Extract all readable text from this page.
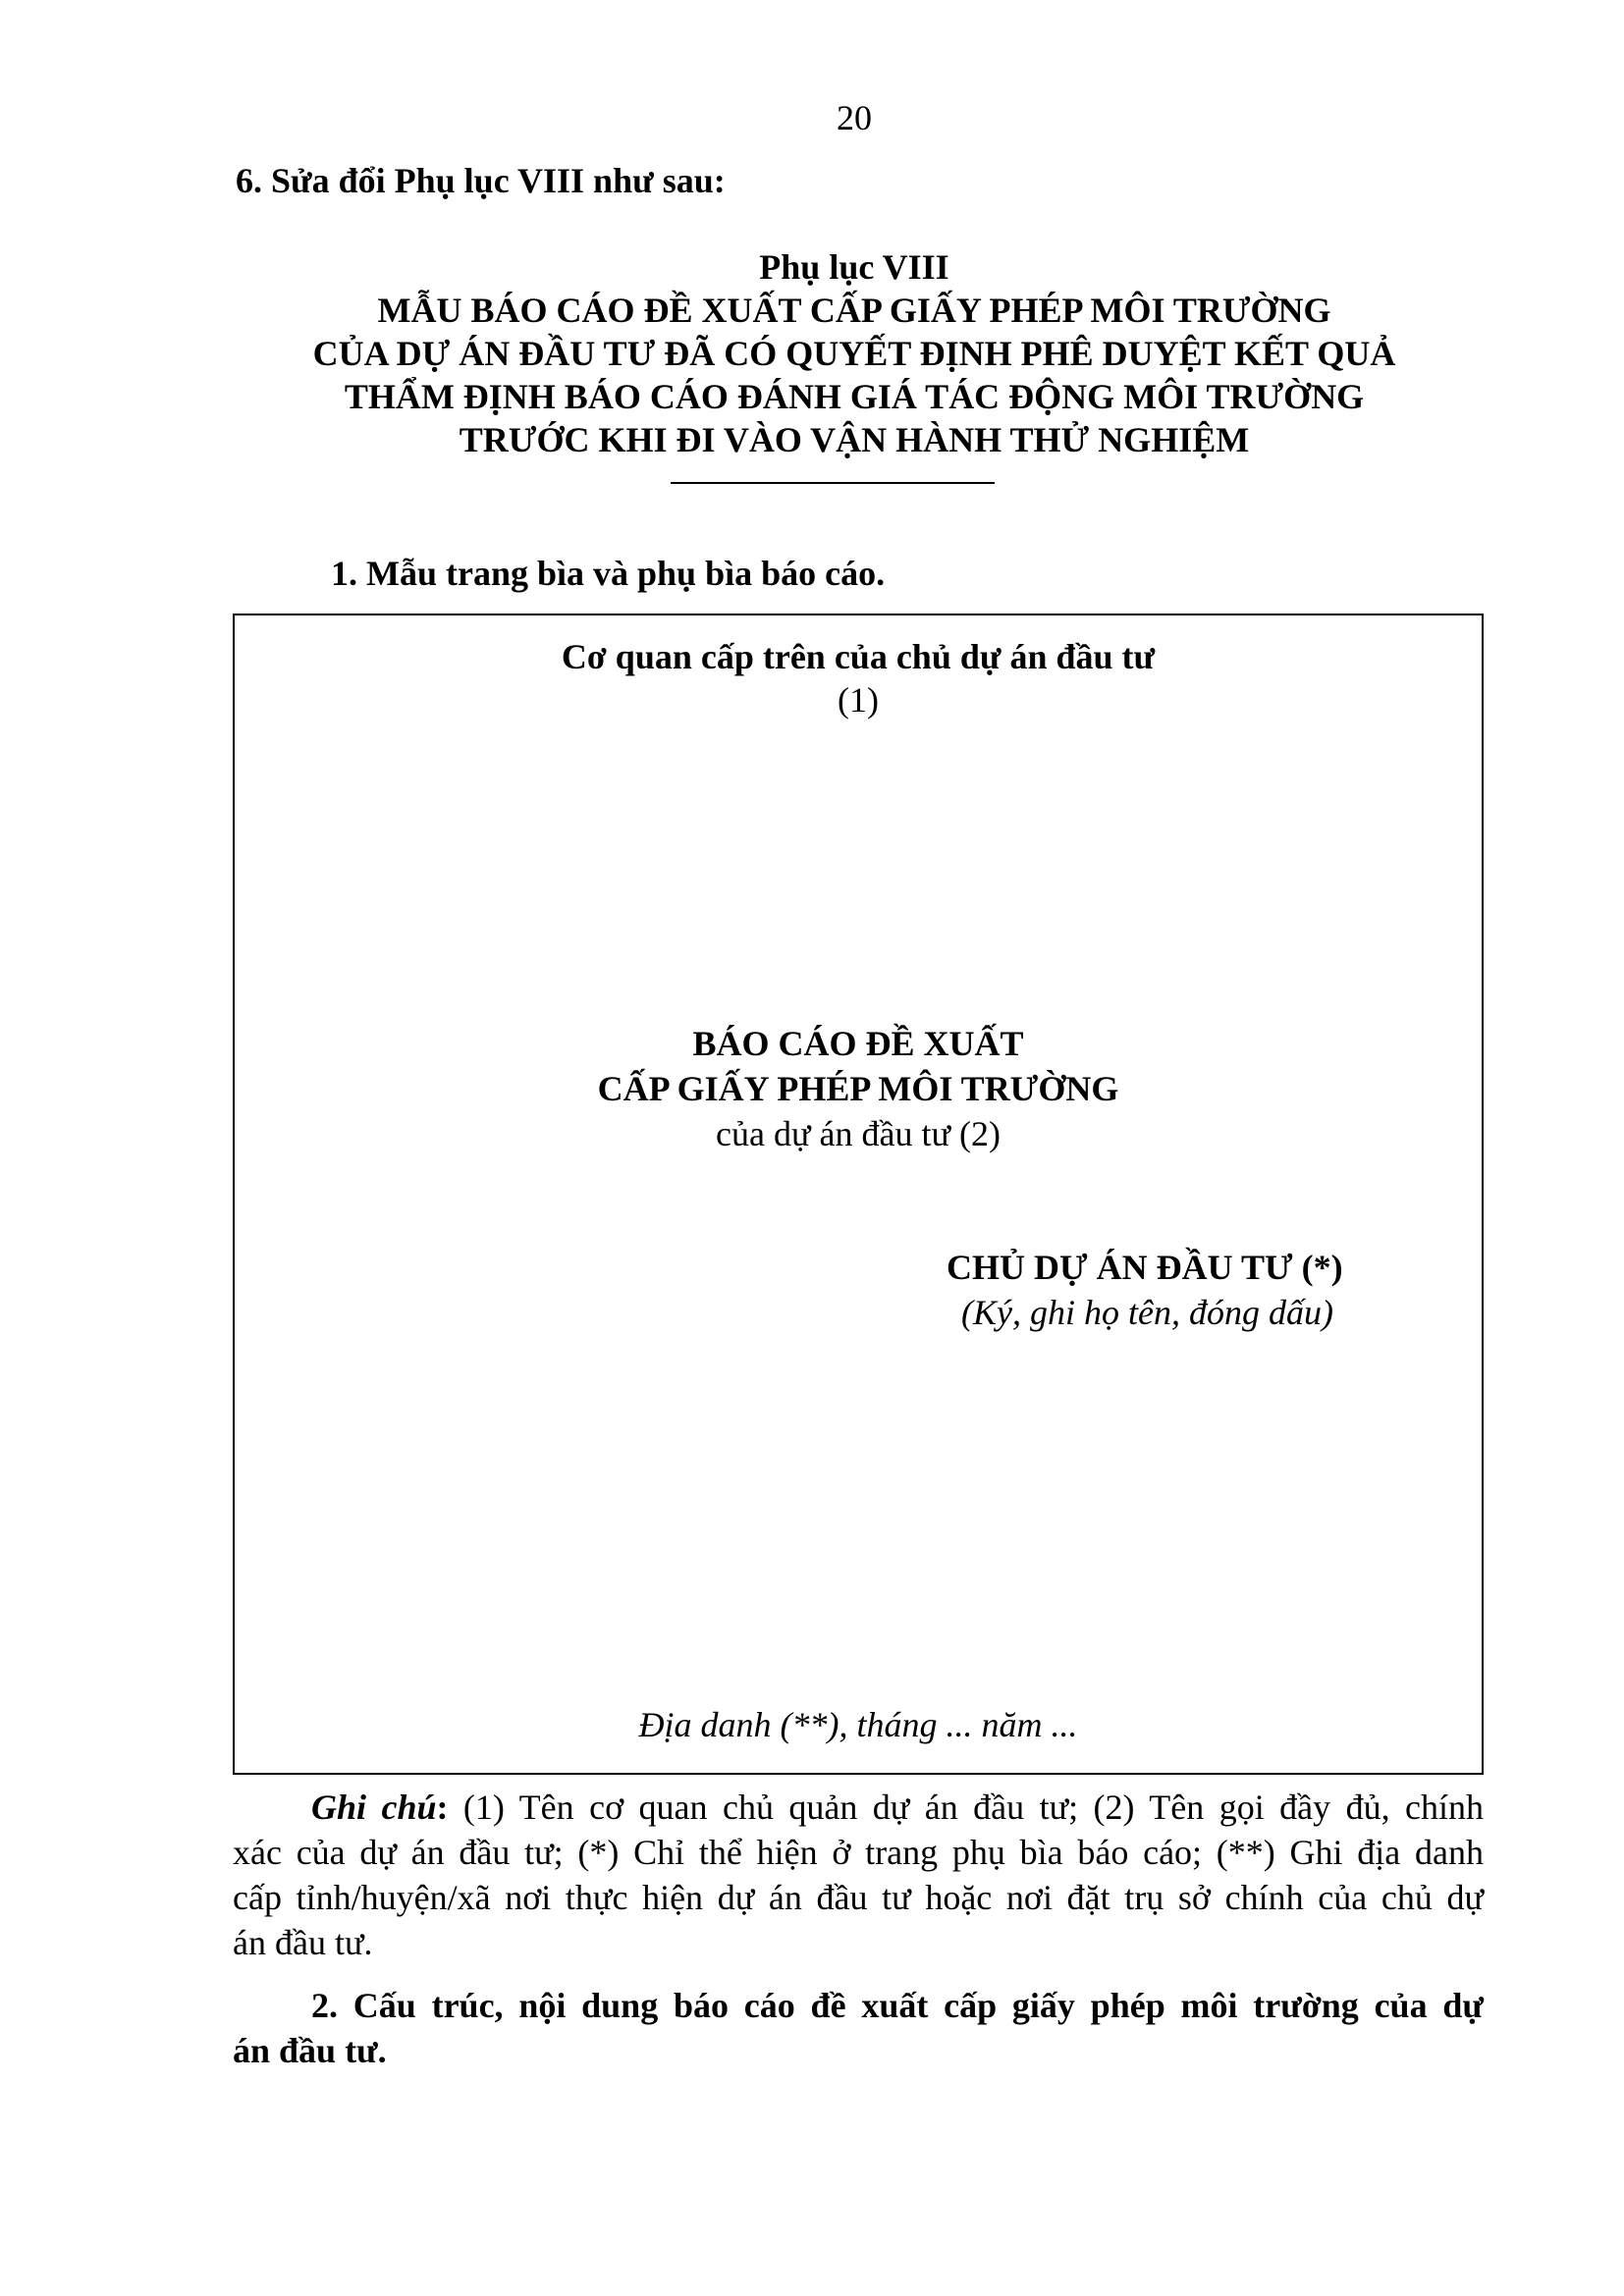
20
6. Sửa đổi Phụ lục VIII như sau:
Phụ lục VIII
MẪU BÁO CÁO ĐỀ XUẤT CẤP GIẤY PHÉP MÔI TRƯỜNG
CỦA DỰ ÁN ĐẦU TƯ ĐÃ CÓ QUYẾT ĐỊNH PHÊ DUYỆT KẾT QUẢ
THẨM ĐỊNH BÁO CÁO ĐÁNH GIÁ TÁC ĐỘNG MÔI TRƯỜNG
TRƯỚC KHI ĐI VÀO VẬN HÀNH THỬ NGHIỆM
1. Mẫu trang bìa và phụ bìa báo cáo.
Cơ quan cấp trên của chủ dự án đầu tư
(1)
BÁO CÁO ĐỀ XUẤT
CẤP GIẤY PHÉP MÔI TRƯỜNG
của dự án đầu tư (2)
CHỦ DỰ ÁN ĐẦU TƯ (*)
(Ký, ghi họ tên, đóng dấu)
Địa danh (**), tháng ... năm ...
Ghi chú: (1) Tên cơ quan chủ quản dự án đầu tư; (2) Tên gọi đầy đủ, chính
xác của dự án đầu tư; (*) Chỉ thể hiện ở trang phụ bìa báo cáo; (**) Ghi địa danh
cấp tỉnh/huyện/xã nơi thực hiện dự án đầu tư hoặc nơi đặt trụ sở chính của chủ dự
án đầu tư.
2. Cấu trúc, nội dung báo cáo đề xuất cấp giấy phép môi trường của dự
án đầu tư.
